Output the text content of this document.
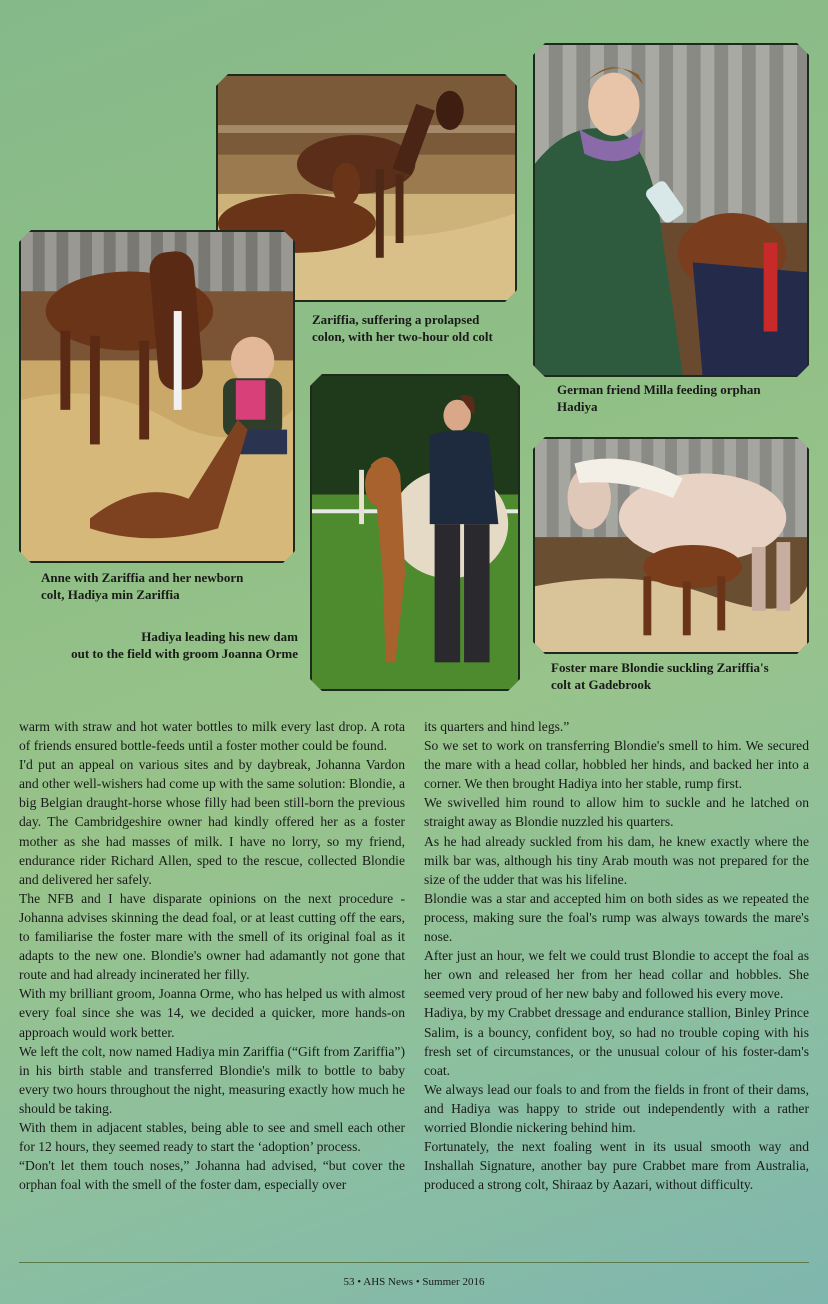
Zariffia, suffering a prolapsed
colon, with her two-hour old colt
German friend Milla feeding orphan
Hadiya
Anne with Zariffia and her newborn
colt, Hadiya min Zariffia
Hadiya leading his new dam
out to the field with groom Joanna Orme
Foster mare Blondie suckling Zariffia's
colt at Gadebrook

warm with straw and hot water bottles to milk every last drop. A rota of friends ensured bottle-feeds until a foster mother could be found.

I'd put an appeal on various sites and by daybreak, Johanna Vardon and other well-wishers had come up with the same solution: Blondie, a big Belgian draught-horse whose filly had been still-born the previous day. The Cambridgeshire owner had kindly offered her as a foster mother as she had masses of milk. I have no lorry, so my friend, endurance rider Richard Allen, sped to the rescue, collected Blondie and delivered her safely.

The NFB and I have disparate opinions on the next procedure - Johanna advises skinning the dead foal, or at least cutting off the ears, to familiarise the foster mare with the smell of its original foal as it adapts to the new one. Blondie's owner had adamantly not gone that route and had already incinerated her filly.

With my brilliant groom, Joanna Orme, who has helped us with almost every foal since she was 14, we decided a quicker, more hands-on approach would work better.

We left the colt, now named Hadiya min Zariffia (“Gift from Zariffia”) in his birth stable and transferred Blondie's milk to bottle to baby every two hours throughout the night, measuring exactly how much he should be taking.

With them in adjacent stables, being able to see and smell each other for 12 hours, they seemed ready to start the ‘adoption’ process.

“Don't let them touch noses,” Johanna had advised, “but cover the orphan foal with the smell of the foster dam, especially over

its quarters and hind legs.”

So we set to work on transferring Blondie's smell to him. We secured the mare with a head collar, hobbled her hinds, and backed her into a corner. We then brought Hadiya into her stable, rump first.

We swivelled him round to allow him to suckle and he latched on straight away as Blondie nuzzled his quarters.

As he had already suckled from his dam, he knew exactly where the milk bar was, although his tiny Arab mouth was not prepared for the size of the udder that was his lifeline.

Blondie was a star and accepted him on both sides as we repeated the process, making sure the foal's rump was always towards the mare's nose.

After just an hour, we felt we could trust Blondie to accept the foal as her own and released her from her head collar and hobbles. She seemed very proud of her new baby and followed his every move.

Hadiya, by my Crabbet dressage and endurance stallion, Binley Prince Salim, is a bouncy, confident boy, so had no trouble coping with his fresh set of circumstances, or the unusual colour of his foster-dam's coat.

We always lead our foals to and from the fields in front of their dams, and Hadiya was happy to stride out independently with a rather worried Blondie nickering behind him.

Fortunately, the next foaling went in its usual smooth way and Inshallah Signature, another bay pure Crabbet mare from Australia, produced a strong colt, Shiraaz by Aazari, without difficulty.

53 • AHS News • Summer 2016
